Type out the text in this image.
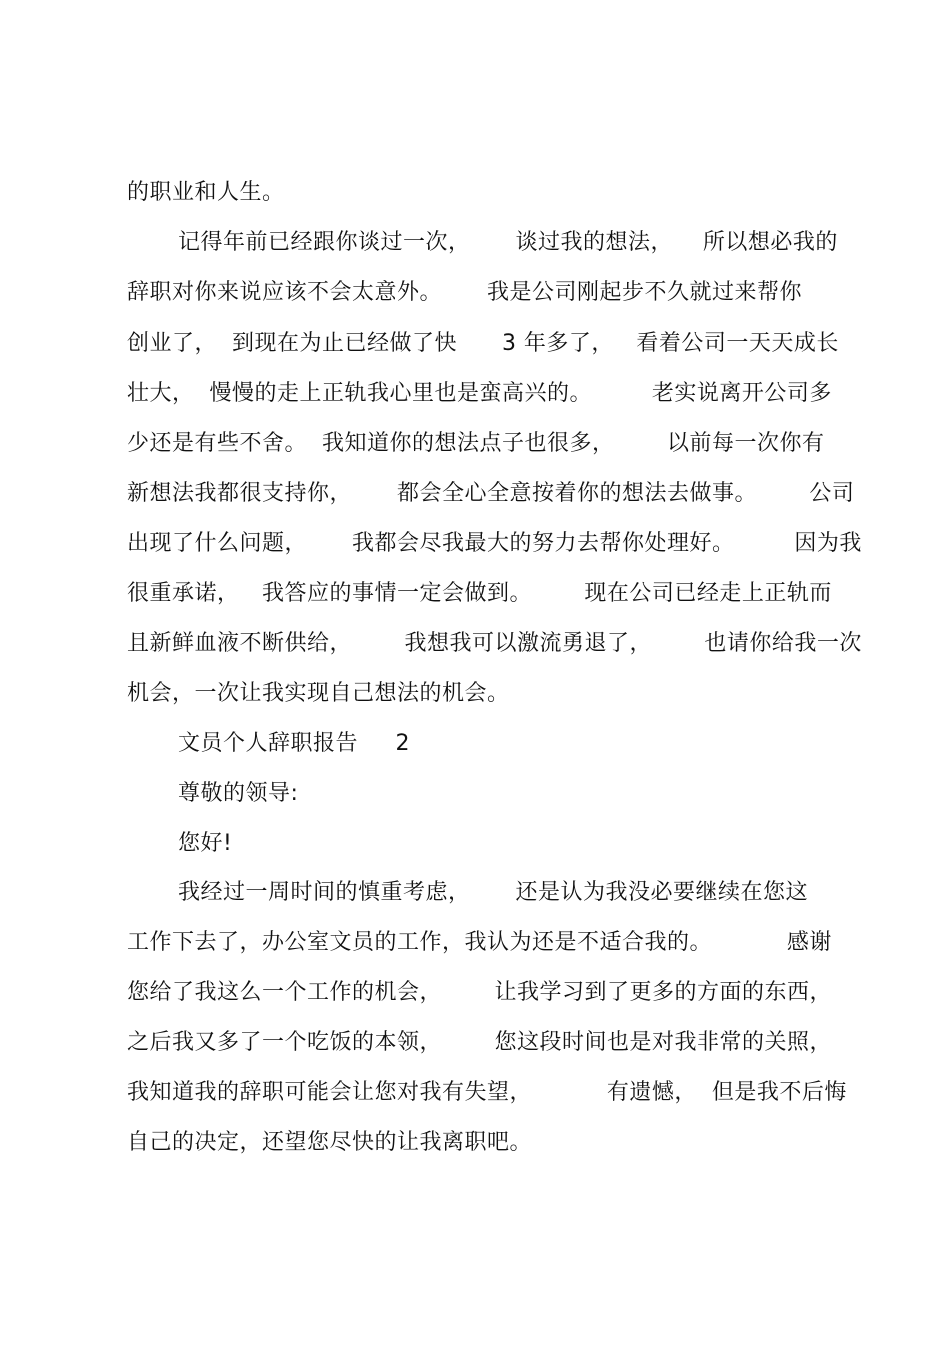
的职业和人生。
记得年前已经跟你谈过一次，      谈过我的想法，    所以想必我的
辞职对你来说应该不会太意外。      我是公司刚起步不久就过来帮你
创业了，  到现在为止已经做了快      3 年多了，   看着公司一天天成长
壮大，  慢慢的走上正轨我心里也是蛮高兴的。        老实说离开公司多
少还是有些不舍。  我知道你的想法点子也很多，       以前每一次你有
新想法我都很支持你，      都会全心全意按着你的想法去做事。       公司
出现了什么问题，      我都会尽我最大的努力去帮你处理好。        因为我
很重承诺，   我答应的事情一定会做到。       现在公司已经走上正轨而
且新鲜血液不断供给，       我想我可以激流勇退了，       也请你给我一次
机会，一次让我实现自己想法的机会。
文员个人辞职报告     2
尊敬的领导:
您好!
我经过一周时间的慎重考虑，      还是认为我没必要继续在您这
工作下去了，办公室文员的工作，我认为还是不适合我的。          感谢
您给了我这么一个工作的机会，       让我学习到了更多的方面的东西，
之后我又多了一个吃饭的本领，       您这段时间也是对我非常的关照，
我知道我的辞职可能会让您对我有失望，          有遗憾，  但是我不后悔
自己的决定，还望您尽快的让我离职吧。
